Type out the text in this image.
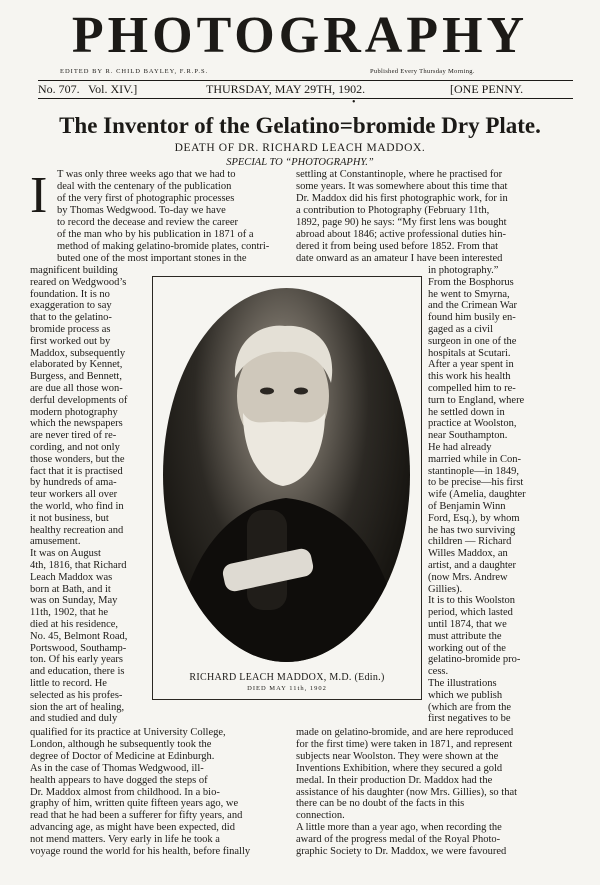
PHOTOGRAPHY
EDITED BY R. CHILD BAYLEY, F.R.P.S.	Published Every Thursday Morning.
No. 707. Vol. XIV.]	THURSDAY, MAY 29TH, 1902.	[ONE PENNY.
•
The Inventor of the Gelatino=bromide Dry Plate.
DEATH OF DR. RICHARD LEACH MADDOX.
SPECIAL TO “PHOTOGRAPHY.”
I T was only three weeks ago that we had to
deal with the centenary of the publication
of the very first of photographic processes
by Thomas Wedgwood. To-day we have
to record the decease and review the career
of the man who by his publication in 1871 of a
method of making gelatino-bromide plates, contri-
buted one of the most important stones in the
magnificent building
reared on Wedgwood’s
foundation. It is no
exaggeration to say
that to the gelatino-
bromide process as
first worked out by
Maddox, subsequently
elaborated by Kennet,
Burgess, and Bennett,
are due all those won-
derful developments of
modern photography
which the newspapers
are never tired of re-
cording, and not only
those wonders, but the
fact that it is practised
by hundreds of ama-
teur workers all over
the world, who find in
it not business, but
healthy recreation and
amusement.
It was on August
4th, 1816, that Richard
Leach Maddox was
born at Bath, and it
was on Sunday, May
11th, 1902, that he
died at his residence,
No. 45, Belmont Road,
Portswood, Southamp-
ton. Of his early years
and education, there is
little to record. He
selected as his profes-
sion the art of healing,
and studied and duly
qualified for its practice at University College,
London, although he subsequently took the
degree of Doctor of Medicine at Edinburgh.
As in the case of Thomas Wedgwood, ill-
health appears to have dogged the steps of
Dr. Maddox almost from childhood. In a bio-
graphy of him, written quite fifteen years ago, we
read that he had been a sufferer for fifty years, and
advancing age, as might have been expected, did
not mend matters. Very early in life he took a
voyage round the world for his health, before finally
settling at Constantinople, where he practised for
some years. It was somewhere about this time that
Dr. Maddox did his first photographic work, for in
a contribution to Photography (February 11th,
1892, page 90) he says: “My first lens was bought
abroad about 1846; active professional duties hin-
dered it from being used before 1852. From that
date onward as an amateur I have been interested
in photography.”
From the Bosphorus
he went to Smyrna,
and the Crimean War
found him busily en-
gaged as a civil
surgeon in one of the
hospitals at Scutari.
After a year spent in
this work his health
compelled him to re-
turn to England, where
he settled down in
practice at Woolston,
near Southampton.
He had already
married while in Con-
stantinople—in 1849,
to be precise—his first
wife (Amelia, daughter
of Benjamin Winn
Ford, Esq.), by whom
he has two surviving
children — Richard
Willes Maddox, an
artist, and a daughter
(now Mrs. Andrew
Gillies).
It is to this Woolston
period, which lasted
until 1874, that we
must attribute the
working out of the
gelatino-bromide pro-
cess.
The illustrations
which we publish
(which are from the
first negatives to be
made on gelatino-bromide, and are here reproduced
for the first time) were taken in 1871, and represent
subjects near Woolston. They were shown at the
Inventions Exhibition, where they secured a gold
medal. In their production Dr. Maddox had the
assistance of his daughter (now Mrs. Gillies), so that
there can be no doubt of the facts in this
connection.
A little more than a year ago, when recording the
award of the progress medal of the Royal Photo-
graphic Society to Dr. Maddox, we were favoured
RICHARD LEACH MADDOX, M.D. (Edin.)
DIED MAY 11th, 1902
